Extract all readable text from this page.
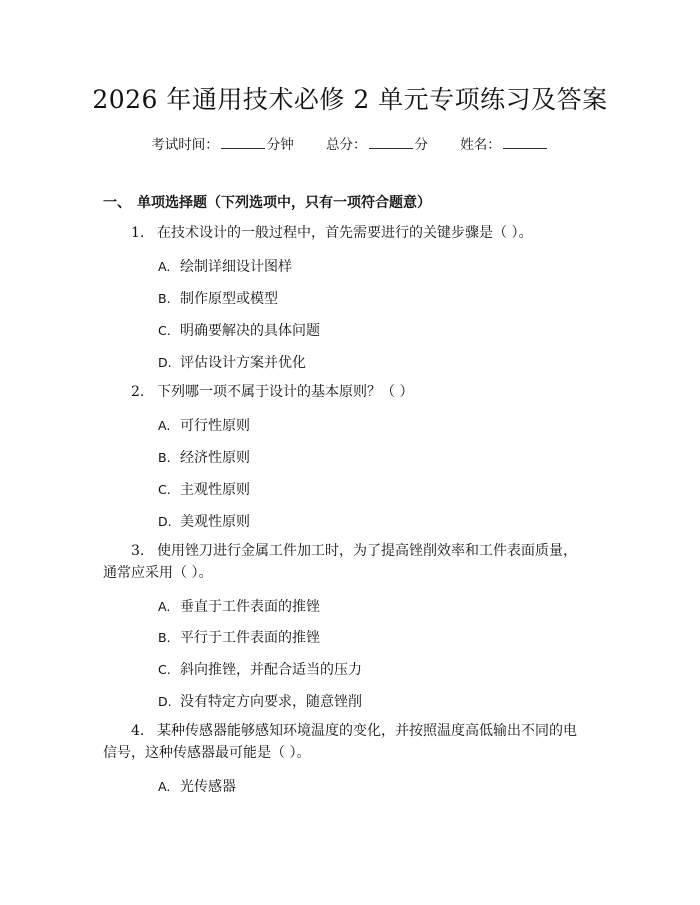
2026 年通用技术必修 2 单元专项练习及答案
考试时间：	分钟 总分：	分 姓名：
一、 单项选择题（下列选项中，只有一项符合题意）
1. 在技术设计的一般过程中，首先需要进行的关键步骤是（ ）。
A. 绘制详细设计图样
B. 制作原型或模型
C. 明确要解决的具体问题
D. 评估设计方案并优化
2. 下列哪一项不属于设计的基本原则？（ ）
A. 可行性原则
B. 经济性原则
C. 主观性原则
D. 美观性原则
3. 使用锉刀进行金属工件加工时，为了提高锉削效率和工件表面质量，通常应采用（ ）。
A. 垂直于工件表面的推锉
B. 平行于工件表面的推锉
C. 斜向推锉，并配合适当的压力
D. 没有特定方向要求，随意锉削
4. 某种传感器能够感知环境温度的变化，并按照温度高低输出不同的电信号，这种传感器最可能是（ ）。
A. 光传感器
